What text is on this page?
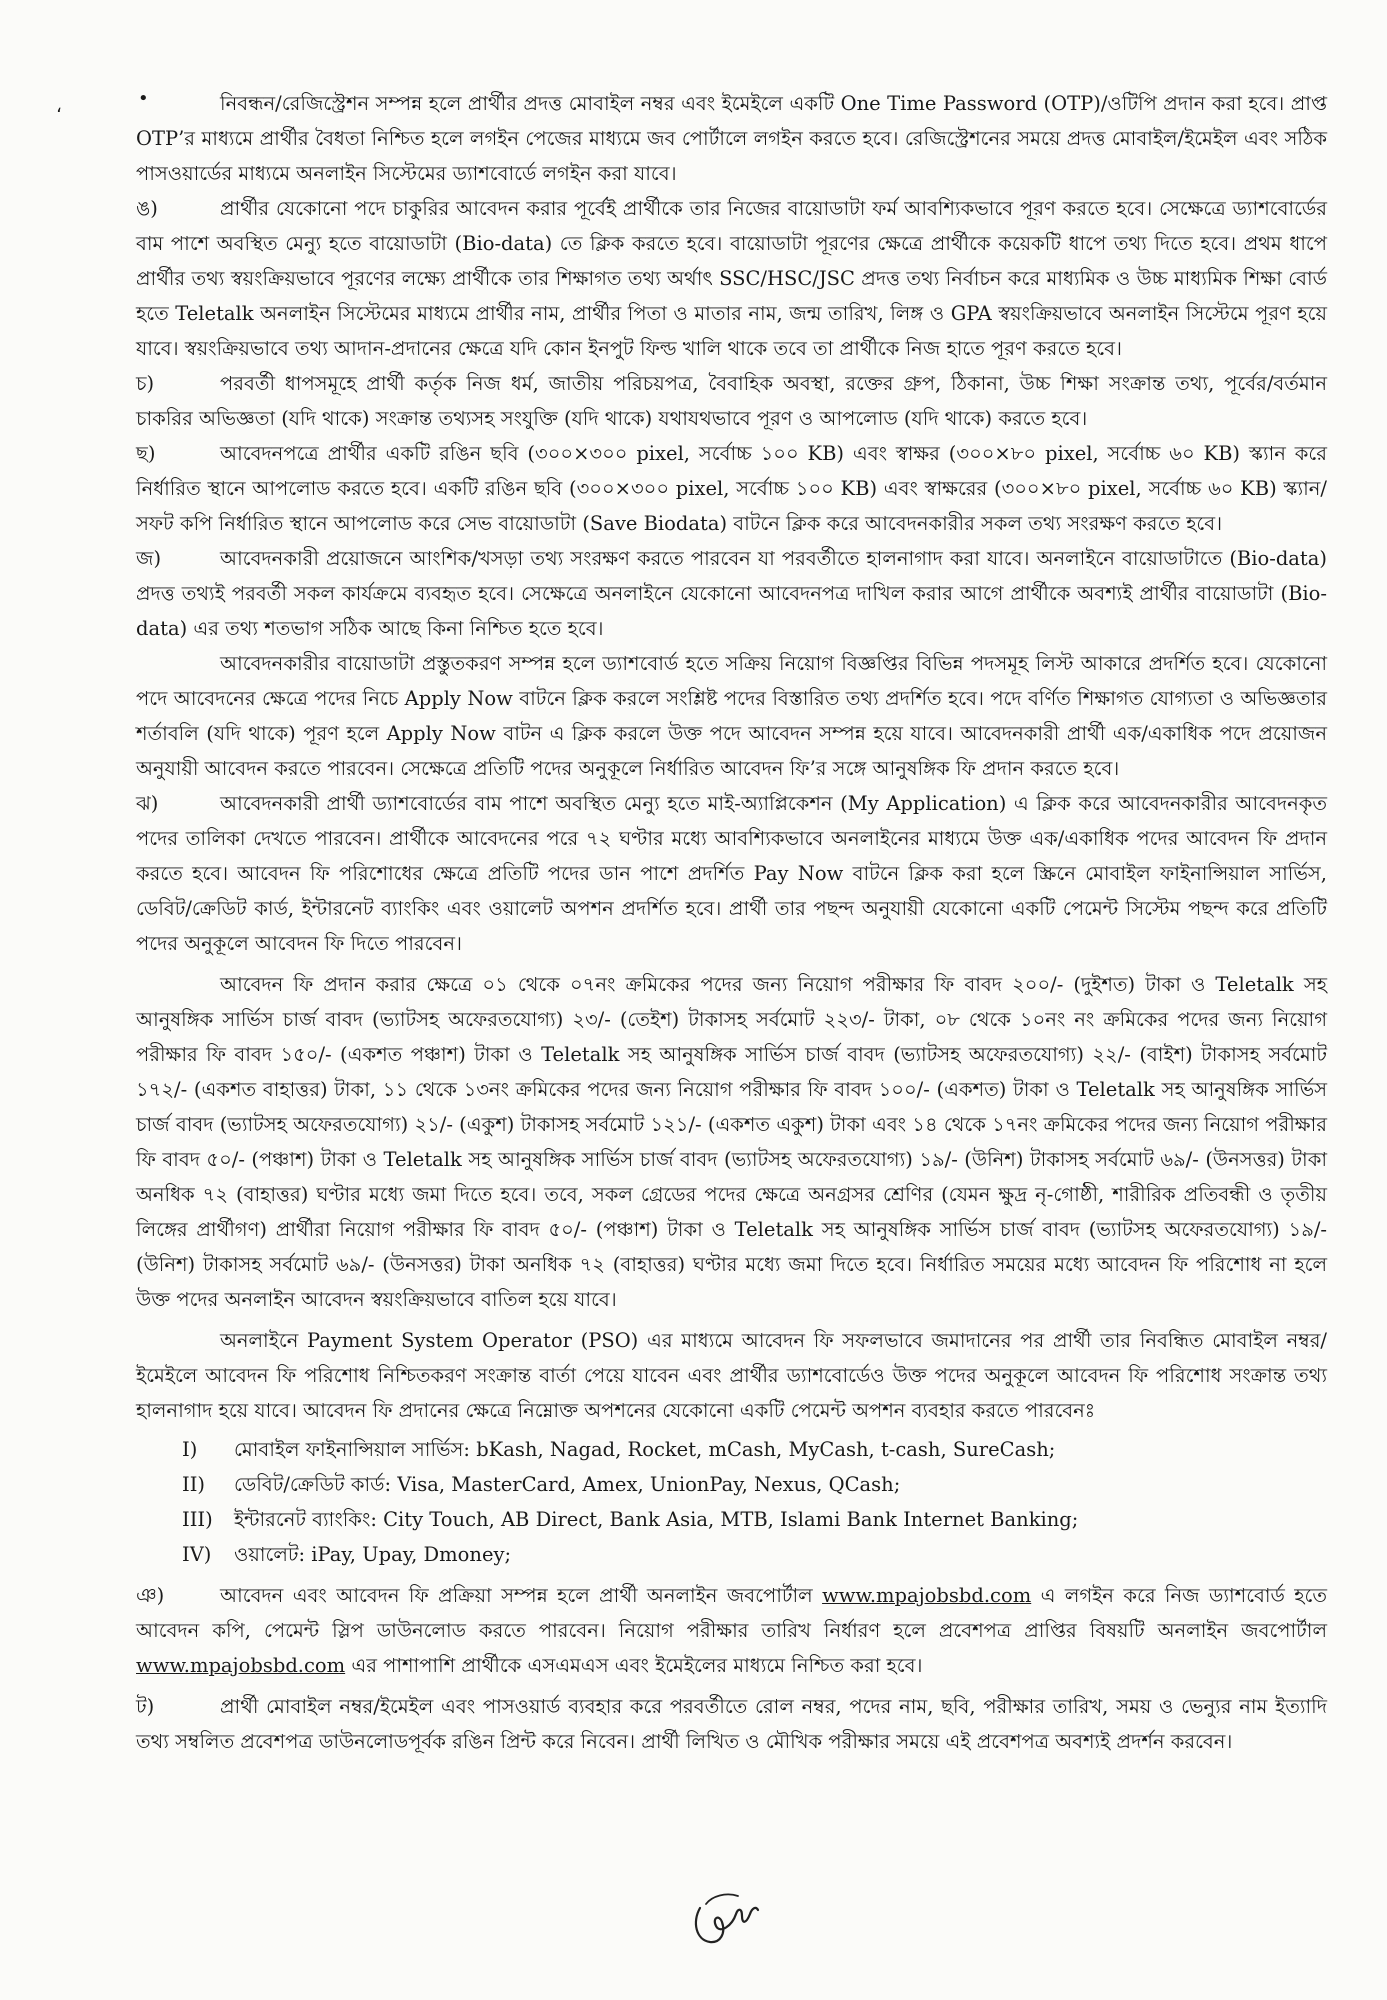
،	•	নিবন্ধন/রেজিস্ট্রেশন সম্পন্ন হলে প্রার্থীর প্রদত্ত মোবাইল নম্বর এবং ইমেইলে একটি One Time Password (OTP)/ওটিপি প্রদান করা হবে। প্রাপ্ত OTP’র মাধ্যমে প্রার্থীর বৈধতা নিশ্চিত হলে লগইন পেজের মাধ্যমে জব পোর্টালে লগইন করতে হবে। রেজিস্ট্রেশনের সময়ে প্রদত্ত মোবাইল/ইমেইল এবং সঠিক পাসওয়ার্ডের মাধ্যমে অনলাইন সিস্টেমের ড্যাশবোর্ডে লগইন করা যাবে।

ঙ)	প্রার্থীর যেকোনো পদে চাকুরির আবেদন করার পূর্বেই প্রার্থীকে তার নিজের বায়োডাটা ফর্ম আবশ্যিকভাবে পূরণ করতে হবে। সেক্ষেত্রে ড্যাশবোর্ডের বাম পাশে অবস্থিত মেন্যু হতে বায়োডাটা (Bio-data) তে ক্লিক করতে হবে। বায়োডাটা পূরণের ক্ষেত্রে প্রার্থীকে কয়েকটি ধাপে তথ্য দিতে হবে। প্রথম ধাপে প্রার্থীর তথ্য স্বয়ংক্রিয়ভাবে পূরণের লক্ষ্যে প্রার্থীকে তার শিক্ষাগত তথ্য অর্থাৎ SSC/HSC/JSC প্রদত্ত তথ্য নির্বাচন করে মাধ্যমিক ও উচ্চ মাধ্যমিক শিক্ষা বোর্ড হতে Teletalk অনলাইন সিস্টেমের মাধ্যমে প্রার্থীর নাম, প্রার্থীর পিতা ও মাতার নাম, জন্ম তারিখ, লিঙ্গ ও GPA স্বয়ংক্রিয়ভাবে অনলাইন সিস্টেমে পূরণ হয়ে যাবে। স্বয়ংক্রিয়ভাবে তথ্য আদান-প্রদানের ক্ষেত্রে যদি কোন ইনপুট ফিল্ড খালি থাকে তবে তা প্রার্থীকে নিজ হাতে পূরণ করতে হবে।

চ)	পরবর্তী ধাপসমূহে প্রার্থী কর্তৃক নিজ ধর্ম, জাতীয় পরিচয়পত্র, বৈবাহিক অবস্থা, রক্তের গ্রুপ, ঠিকানা, উচ্চ শিক্ষা সংক্রান্ত তথ্য, পূর্বের/বর্তমান চাকরির অভিজ্ঞতা (যদি থাকে) সংক্রান্ত তথ্যসহ সংযুক্তি (যদি থাকে) যথাযথভাবে পূরণ ও আপলোড (যদি থাকে) করতে হবে।

ছ)	আবেদনপত্রে প্রার্থীর একটি রঙিন ছবি (৩০০×৩০০ pixel, সর্বোচ্চ ১০০ KB) এবং স্বাক্ষর (৩০০×৮০ pixel, সর্বোচ্চ ৬০ KB) স্ক্যান করে নির্ধারিত স্থানে আপলোড করতে হবে। একটি রঙিন ছবি (৩০০×৩০০ pixel, সর্বোচ্চ ১০০ KB) এবং স্বাক্ষরের (৩০০×৮০ pixel, সর্বোচ্চ ৬০ KB) স্ক্যান/সফট কপি নির্ধারিত স্থানে আপলোড করে সেভ বায়োডাটা (Save Biodata) বাটনে ক্লিক করে আবেদনকারীর সকল তথ্য সংরক্ষণ করতে হবে।

জ)	আবেদনকারী প্রয়োজনে আংশিক/খসড়া তথ্য সংরক্ষণ করতে পারবেন যা পরবর্তীতে হালনাগাদ করা যাবে। অনলাইনে বায়োডাটাতে (Bio-data) প্রদত্ত তথ্যই পরবর্তী সকল কার্যক্রমে ব্যবহৃত হবে। সেক্ষেত্রে অনলাইনে যেকোনো আবেদনপত্র দাখিল করার আগে প্রার্থীকে অবশ্যই প্রার্থীর বায়োডাটা (Bio-data) এর তথ্য শতভাগ সঠিক আছে কিনা নিশ্চিত হতে হবে।

আবেদনকারীর বায়োডাটা প্রস্তুতকরণ সম্পন্ন হলে ড্যাশবোর্ড হতে সক্রিয় নিয়োগ বিজ্ঞপ্তির বিভিন্ন পদসমূহ লিস্ট আকারে প্রদর্শিত হবে। যেকোনো পদে আবেদনের ক্ষেত্রে পদের নিচে Apply Now বাটনে ক্লিক করলে সংশ্লিষ্ট পদের বিস্তারিত তথ্য প্রদর্শিত হবে। পদে বর্ণিত শিক্ষাগত যোগ্যতা ও অভিজ্ঞতার শর্তাবলি (যদি থাকে) পূরণ হলে Apply Now বাটন এ ক্লিক করলে উক্ত পদে আবেদন সম্পন্ন হয়ে যাবে। আবেদনকারী প্রার্থী এক/একাধিক পদে প্রয়োজন অনুযায়ী আবেদন করতে পারবেন। সেক্ষেত্রে প্রতিটি পদের অনুকূলে নির্ধারিত আবেদন ফি’র সঙ্গে আনুষঙ্গিক ফি প্রদান করতে হবে।

ঝ)	আবেদনকারী প্রার্থী ড্যাশবোর্ডের বাম পাশে অবস্থিত মেন্যু হতে মাই-অ্যাপ্লিকেশন (My Application) এ ক্লিক করে আবেদনকারীর আবেদনকৃত পদের তালিকা দেখতে পারবেন। প্রার্থীকে আবেদনের পরে ৭২ ঘণ্টার মধ্যে আবশ্যিকভাবে অনলাইনের মাধ্যমে উক্ত এক/একাধিক পদের আবেদন ফি প্রদান করতে হবে। আবেদন ফি পরিশোধের ক্ষেত্রে প্রতিটি পদের ডান পাশে প্রদর্শিত Pay Now বাটনে ক্লিক করা হলে স্ক্রিনে মোবাইল ফাইনান্সিয়াল সার্ভিস, ডেবিট/ক্রেডিট কার্ড, ইন্টারনেট ব্যাংকিং এবং ওয়ালেট অপশন প্রদর্শিত হবে। প্রার্থী তার পছন্দ অনুযায়ী যেকোনো একটি পেমেন্ট সিস্টেম পছন্দ করে প্রতিটি পদের অনুকূলে আবেদন ফি দিতে পারবেন।

আবেদন ফি প্রদান করার ক্ষেত্রে ০১ থেকে ০৭নং ক্রমিকের পদের জন্য নিয়োগ পরীক্ষার ফি বাবদ ২০০/- (দুইশত) টাকা ও Teletalk সহ আনুষঙ্গিক সার্ভিস চার্জ বাবদ (ভ্যাটসহ অফেরতযোগ্য) ২৩/- (তেইশ) টাকাসহ সর্বমোট ২২৩/- টাকা, ০৮ থেকে ১০নং নং ক্রমিকের পদের জন্য নিয়োগ পরীক্ষার ফি বাবদ ১৫০/- (একশত পঞ্চাশ) টাকা ও Teletalk সহ আনুষঙ্গিক সার্ভিস চার্জ বাবদ (ভ্যাটসহ অফেরতযোগ্য) ২২/- (বাইশ) টাকাসহ সর্বমোট ১৭২/- (একশত বাহাত্তর) টাকা, ১১ থেকে ১৩নং ক্রমিকের পদের জন্য নিয়োগ পরীক্ষার ফি বাবদ ১০০/- (একশত) টাকা ও Teletalk সহ আনুষঙ্গিক সার্ভিস চার্জ বাবদ (ভ্যাটসহ অফেরতযোগ্য) ২১/- (একুশ) টাকাসহ সর্বমোট ১২১/- (একশত একুশ) টাকা এবং ১৪ থেকে ১৭নং ক্রমিকের পদের জন্য নিয়োগ পরীক্ষার ফি বাবদ ৫০/- (পঞ্চাশ) টাকা ও Teletalk সহ আনুষঙ্গিক সার্ভিস চার্জ বাবদ (ভ্যাটসহ অফেরতযোগ্য) ১৯/- (উনিশ) টাকাসহ সর্বমোট ৬৯/- (উনসত্তর) টাকা অনধিক ৭২ (বাহাত্তর) ঘণ্টার মধ্যে জমা দিতে হবে। তবে, সকল গ্রেডের পদের ক্ষেত্রে অনগ্রসর শ্রেণির (যেমন ক্ষুদ্র নৃ-গোষ্ঠী, শারীরিক প্রতিবন্ধী ও তৃতীয় লিঙ্গের প্রার্থীগণ) প্রার্থীরা নিয়োগ পরীক্ষার ফি বাবদ ৫০/- (পঞ্চাশ) টাকা ও Teletalk সহ আনুষঙ্গিক সার্ভিস চার্জ বাবদ (ভ্যাটসহ অফেরতযোগ্য) ১৯/- (উনিশ) টাকাসহ সর্বমোট ৬৯/- (উনসত্তর) টাকা অনধিক ৭২ (বাহাত্তর) ঘণ্টার মধ্যে জমা দিতে হবে। নির্ধারিত সময়ের মধ্যে আবেদন ফি পরিশোধ না হলে উক্ত পদের অনলাইন আবেদন স্বয়ংক্রিয়ভাবে বাতিল হয়ে যাবে।

অনলাইনে Payment System Operator (PSO) এর মাধ্যমে আবেদন ফি সফলভাবে জমাদানের পর প্রার্থী তার নিবন্ধিত মোবাইল নম্বর/ইমেইলে আবেদন ফি পরিশোধ নিশ্চিতকরণ সংক্রান্ত বার্তা পেয়ে যাবেন এবং প্রার্থীর ড্যাশবোর্ডেও উক্ত পদের অনুকূলে আবেদন ফি পরিশোধ সংক্রান্ত তথ্য হালনাগাদ হয়ে যাবে। আবেদন ফি প্রদানের ক্ষেত্রে নিম্নোক্ত অপশনের যেকোনো একটি পেমেন্ট অপশন ব্যবহার করতে পারবেনঃ

I) মোবাইল ফাইনান্সিয়াল সার্ভিস: bKash, Nagad, Rocket, mCash, MyCash, t-cash, SureCash;

II) ডেবিট/ক্রেডিট কার্ড: Visa, MasterCard, Amex, UnionPay, Nexus, QCash;

III) ইন্টারনেট ব্যাংকিং: City Touch, AB Direct, Bank Asia, MTB, Islami Bank Internet Banking;

IV) ওয়ালেট: iPay, Upay, Dmoney;

ঞ)	আবেদন এবং আবেদন ফি প্রক্রিয়া সম্পন্ন হলে প্রার্থী অনলাইন জবপোর্টাল www.mpajobsbd.com এ লগইন করে নিজ ড্যাশবোর্ড হতে আবেদন কপি, পেমেন্ট স্লিপ ডাউনলোড করতে পারবেন। নিয়োগ পরীক্ষার তারিখ নির্ধারণ হলে প্রবেশপত্র প্রাপ্তির বিষয়টি অনলাইন জবপোর্টাল www.mpajobsbd.com এর পাশাপাশি প্রার্থীকে এসএমএস এবং ইমেইলের মাধ্যমে নিশ্চিত করা হবে।

ট)	প্রার্থী মোবাইল নম্বর/ইমেইল এবং পাসওয়ার্ড ব্যবহার করে পরবর্তীতে রোল নম্বর, পদের নাম, ছবি, পরীক্ষার তারিখ, সময় ও ভেন্যুর নাম ইত্যাদি তথ্য সম্বলিত প্রবেশপত্র ডাউনলোডপূর্বক রঙিন প্রিন্ট করে নিবেন। প্রার্থী লিখিত ও মৌখিক পরীক্ষার সময়ে এই প্রবেশপত্র অবশ্যই প্রদর্শন করবেন।
